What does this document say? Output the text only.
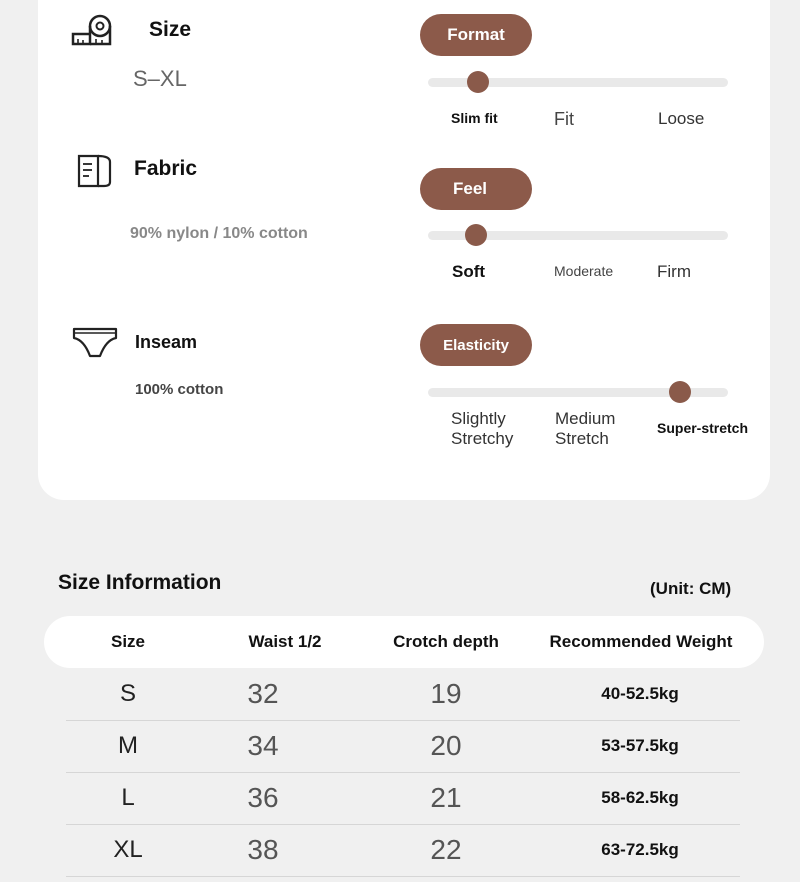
Size
S–XL
Fabric
90% nylon / 10% cotton
Inseam
100% cotton
Format
Slim fit	Fit	Loose
Feel
Soft	Moderate	Firm
Elasticity
Slightly Stretchy
Medium Stretch
Super-stretch
Size Information	(Unit: CM)
Size	Waist 1/2	Crotch depth	Recommended Weight
S	32	19	40-52.5kg
M	34	20	53-57.5kg
L	36	21	58-62.5kg
XL	38	22	63-72.5kg
